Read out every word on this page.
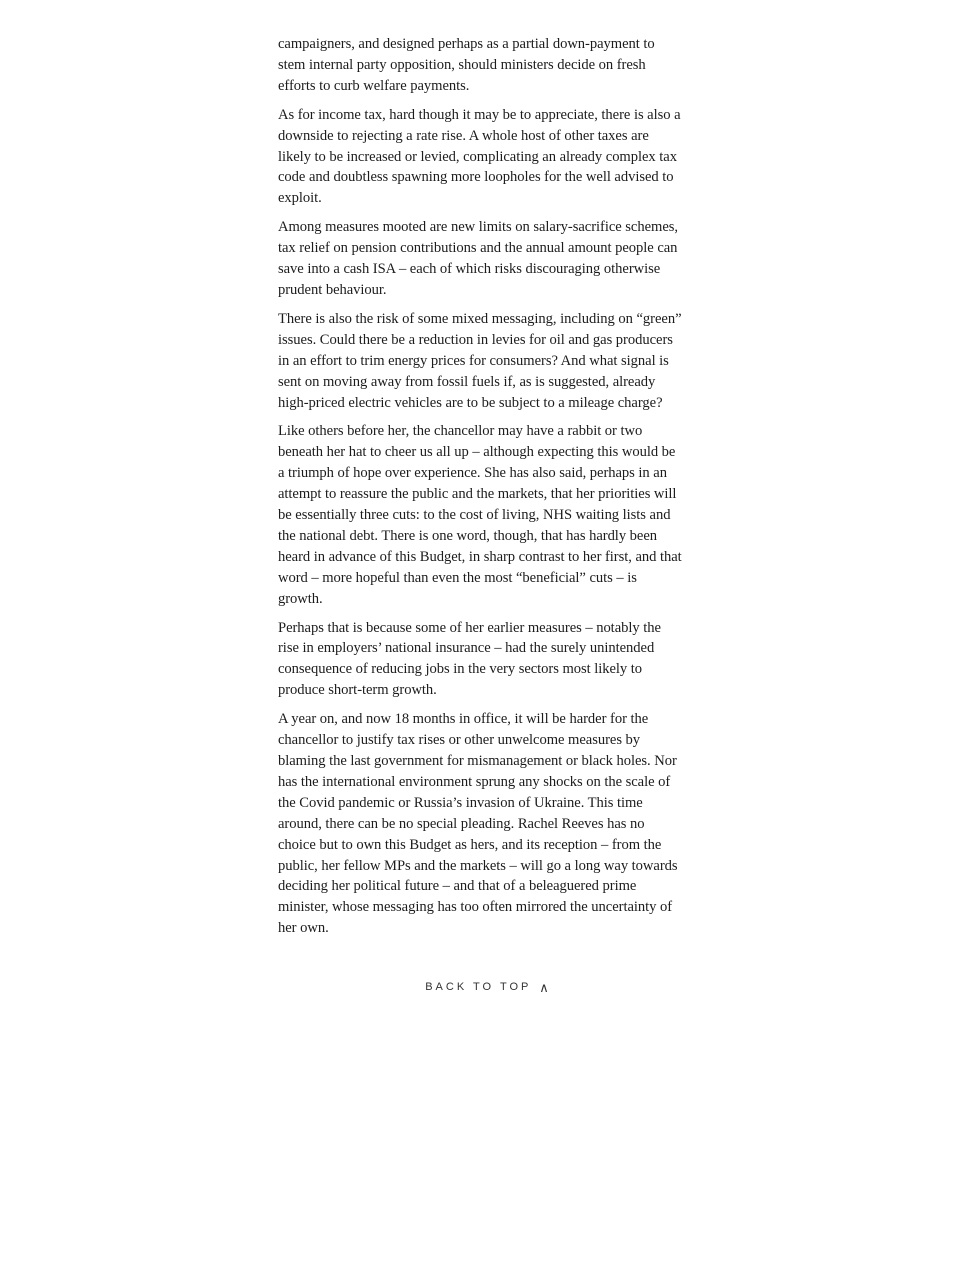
campaigners, and designed perhaps as a partial down-payment to stem internal party opposition, should ministers decide on fresh efforts to curb welfare payments.

As for income tax, hard though it may be to appreciate, there is also a downside to rejecting a rate rise. A whole host of other taxes are likely to be increased or levied, complicating an already complex tax code and doubtless spawning more loopholes for the well advised to exploit.

Among measures mooted are new limits on salary-sacrifice schemes, tax relief on pension contributions and the annual amount people can save into a cash ISA – each of which risks discouraging otherwise prudent behaviour.

There is also the risk of some mixed messaging, including on “green” issues. Could there be a reduction in levies for oil and gas producers in an effort to trim energy prices for consumers? And what signal is sent on moving away from fossil fuels if, as is suggested, already high-priced electric vehicles are to be subject to a mileage charge?

Like others before her, the chancellor may have a rabbit or two beneath her hat to cheer us all up – although expecting this would be a triumph of hope over experience. She has also said, perhaps in an attempt to reassure the public and the markets, that her priorities will be essentially three cuts: to the cost of living, NHS waiting lists and the national debt. There is one word, though, that has hardly been heard in advance of this Budget, in sharp contrast to her first, and that word – more hopeful than even the most “beneficial” cuts – is growth.

Perhaps that is because some of her earlier measures – notably the rise in employers’ national insurance – had the surely unintended consequence of reducing jobs in the very sectors most likely to produce short-term growth.

A year on, and now 18 months in office, it will be harder for the chancellor to justify tax rises or other unwelcome measures by blaming the last government for mismanagement or black holes. Nor has the international environment sprung any shocks on the scale of the Covid pandemic or Russia’s invasion of Ukraine. This time around, there can be no special pleading. Rachel Reeves has no choice but to own this Budget as hers, and its reception – from the public, her fellow MPs and the markets – will go a long way towards deciding her political future – and that of a beleaguered prime minister, whose messaging has too often mirrored the uncertainty of her own.

BACK TO TOP ∧
